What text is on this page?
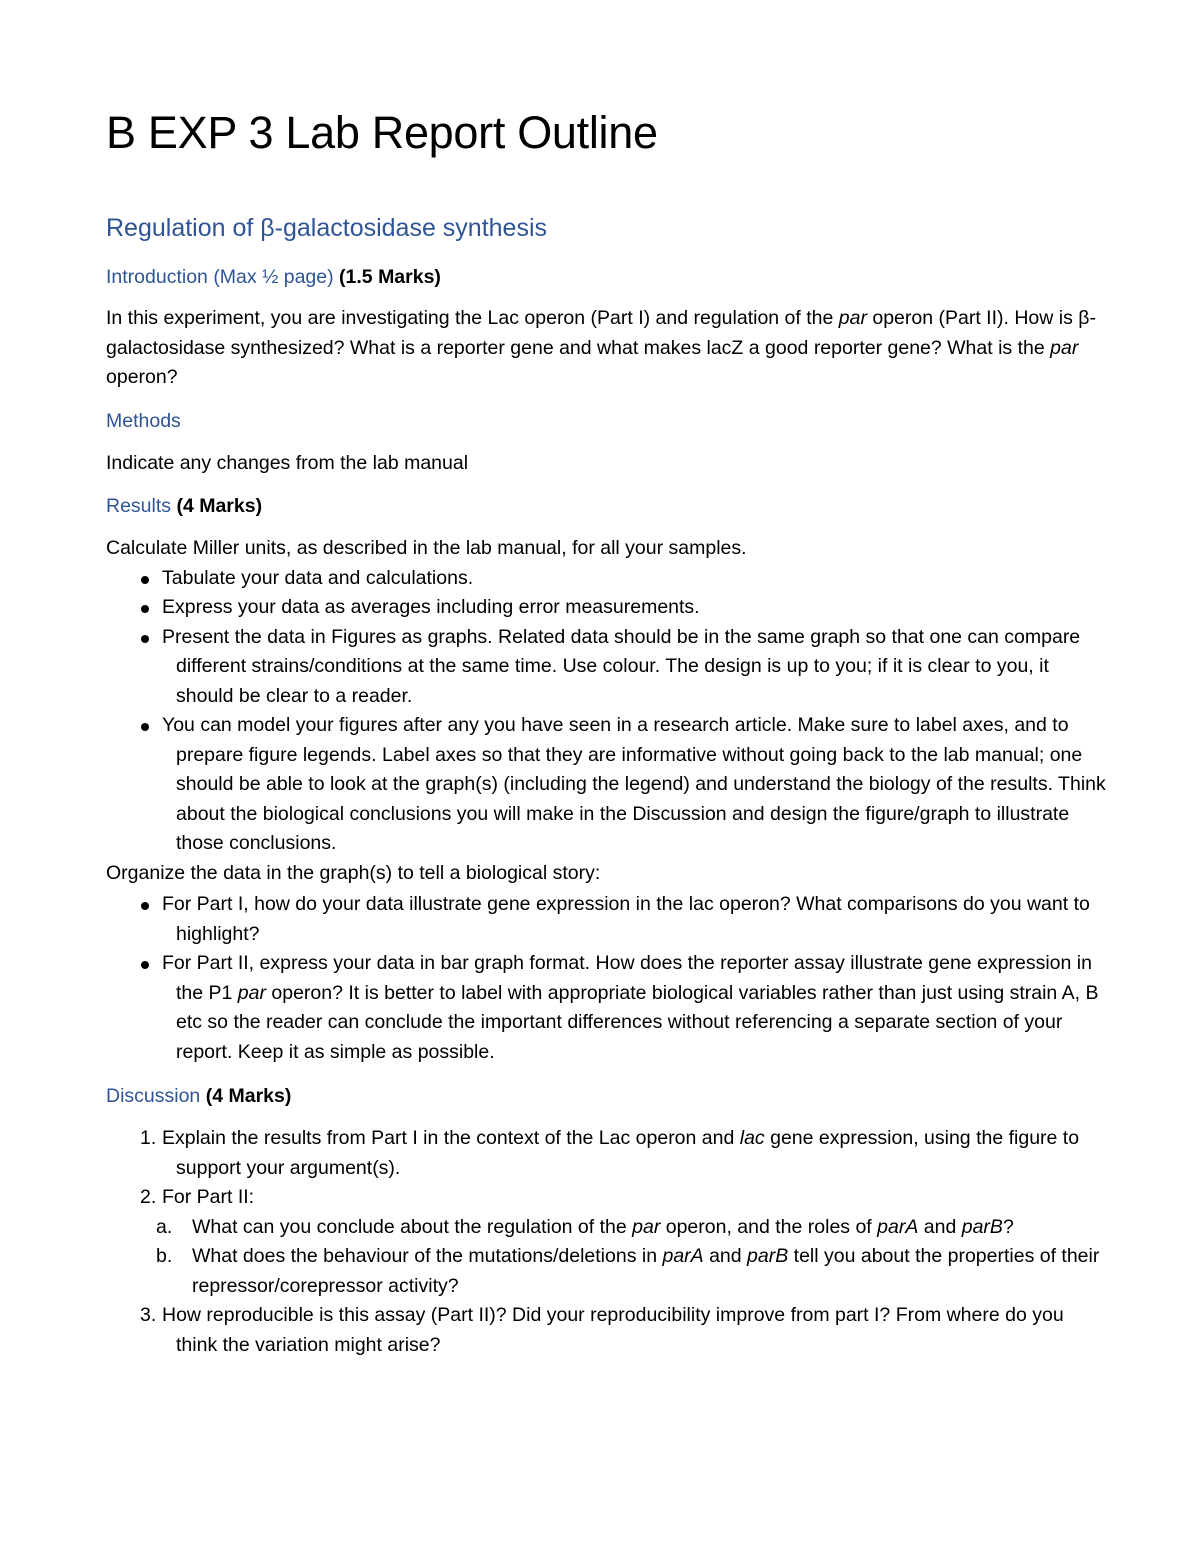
B EXP 3 Lab Report Outline
Regulation of β-galactosidase synthesis
Introduction (Max ½ page) (1.5 Marks)

In this experiment, you are investigating the Lac operon (Part I) and regulation of the par operon (Part II). How is β-galactosidase synthesized? What is a reporter gene and what makes lacZ a good reporter gene? What is the par operon?

Methods

Indicate any changes from the lab manual

Results (4 Marks)

Calculate Miller units, as described in the lab manual, for all your samples.

Tabulate your data and calculations.
Express your data as averages including error measurements.
Present the data in Figures as graphs. Related data should be in the same graph so that one can compare different strains/conditions at the same time. Use colour. The design is up to you; if it is clear to you, it should be clear to a reader.
You can model your figures after any you have seen in a research article. Make sure to label axes, and to prepare figure legends. Label axes so that they are informative without going back to the lab manual; one should be able to look at the graph(s) (including the legend) and understand the biology of the results. Think about the biological conclusions you will make in the Discussion and design the figure/graph to illustrate those conclusions.

Organize the data in the graph(s) to tell a biological story:

For Part I, how do your data illustrate gene expression in the lac operon? What comparisons do you want to highlight?
For Part II, express your data in bar graph format. How does the reporter assay illustrate gene expression in the P1 par operon? It is better to label with appropriate biological variables rather than just using strain A, B etc so the reader can conclude the important differences without referencing a separate section of your report. Keep it as simple as possible.
Discussion (4 Marks)
1. Explain the results from Part I in the context of the Lac operon and lac gene expression, using the figure to support your argument(s).
2. For Part II:
a. What can you conclude about the regulation of the par operon, and the roles of parA and parB?
b. What does the behaviour of the mutations/deletions in parA and parB tell you about the properties of their repressor/corepressor activity?
3. How reproducible is this assay (Part II)? Did your reproducibility improve from part I? From where do you think the variation might arise?
